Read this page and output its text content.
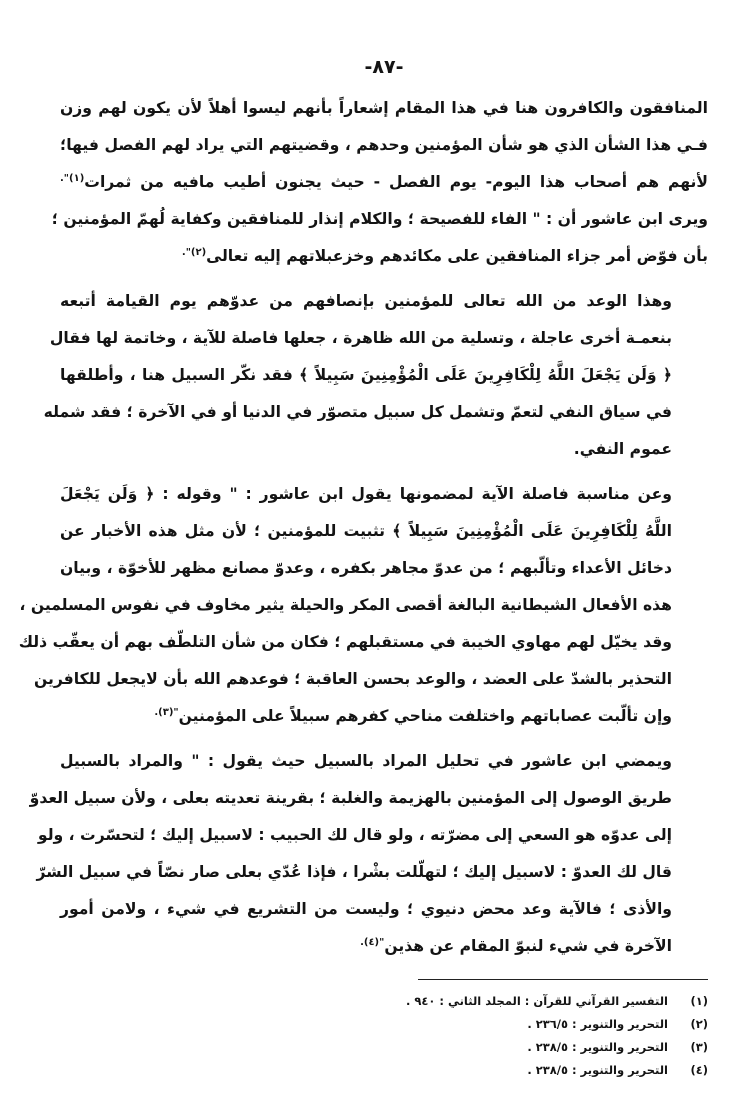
-٨٧-
المنافقون والكافرون هنا في هذا المقام إشعاراً بأنهم ليسوا أهلاً لأن يكون لهم وزن
فـي هذا الشأن الذي هو شأن المؤمنين وحدهم ، وقضيتهم التي يراد لهم الفصل فيها؛
لأنهم هم أصحاب هذا اليوم- يوم الفصل - حيث يجنون أطيب مافيه من ثمرات$^{(١)".}$
ويرى ابن عاشور أن : " الفاء للفصيحة ؛ والكلام إنذار للمنافقين وكفاية لُهمّ المؤمنين ؛
بأن فوّض أمر جزاء المنافقين على مكائدهم وخزعبلاتهم إليه تعالى$^{(٢)".}$
وهذا الوعد من الله تعالى للمؤمنين بإنصافهم من عدوّهم يوم القيامة أتبعه
بنعمـة أخرى عاجلة ، وتسلية من الله ظاهرة ، جعلها فاصلة للآية ، وخاتمة لها فقال
﴿ وَلَن يَجْعَلَ اللَّهُ لِلْكَافِرِينَ عَلَى الْمُؤْمِنِينَ سَبِيلاً ﴾ فقد نكّر السبيل هنا ، وأطلقها
في سياق النفي لتعمّ وتشمل كل سبيل متصوّر في الدنيا أو في الآخرة ؛ فقد شمله
عموم النفي.
وعن مناسبة فاصلة الآية لمضمونها يقول ابن عاشور : " وقوله : ﴿ وَلَن يَجْعَلَ
اللَّهُ لِلْكَافِرِينَ عَلَى الْمُؤْمِنِينَ سَبِيلاً ﴾ تثبيت للمؤمنين ؛ لأن مثل هذه الأخبار عن
دخائل الأعداء وتألّبهم ؛ من عدوّ مجاهر بكفره ، وعدوّ مصانع مظهر للأخوّة ، وبيان
هذه الأفعال الشيطانية البالغة أقصى المكر والحيلة يثير مخاوف في نفوس المسلمين ،
وقد يخيّل لهم مهاوي الخيبة في مستقبلهم ؛ فكان من شأن التلطّف بهم أن يعقّب ذلك
التحذير بالشدّ على العضد ، والوعد بحسن العاقبة ؛ فوعدهم الله بأن لايجعل للكافرين
وإن تألّبت عصاباتهم واختلفت مناحي كفرهم سبيلاً على المؤمنين$^{"(٣).}$
ويمضي ابن عاشور في تحليل المراد بالسبيل حيث يقول : " والمراد بالسبيل
طريق الوصول إلى المؤمنين بالهزيمة والغلبة ؛ بقرينة تعديته بعلى ، ولأن سبيل العدوّ
إلى عدوّه هو السعي إلى مضرّته ، ولو قال لك الحبيب : لاسبيل إليك ؛ لتحسّرت ، ولو
قال لك العدوّ : لاسبيل إليك ؛ لتهلّلت بشْرا ، فإذا عُدّي بعلى صار نصّاً في سبيل الشرّ
والأذى ؛ فالآية وعد محض دنيوي ؛ وليست من التشريع في شيء ، ولامن أمور
الآخرة في شيء لنبوّ المقام عن هذين$^{"(٤).}$
(١)
التفسير القرآني للقرآن : المجلد الثاني : ٩٤٠ .
(٢)
التحرير والتنوير : ٢٣٦/٥ .
(٣)
التحرير والتنوير : ٢٣٨/٥ .
(٤)
التحرير والتنوير : ٢٣٨/٥ .
